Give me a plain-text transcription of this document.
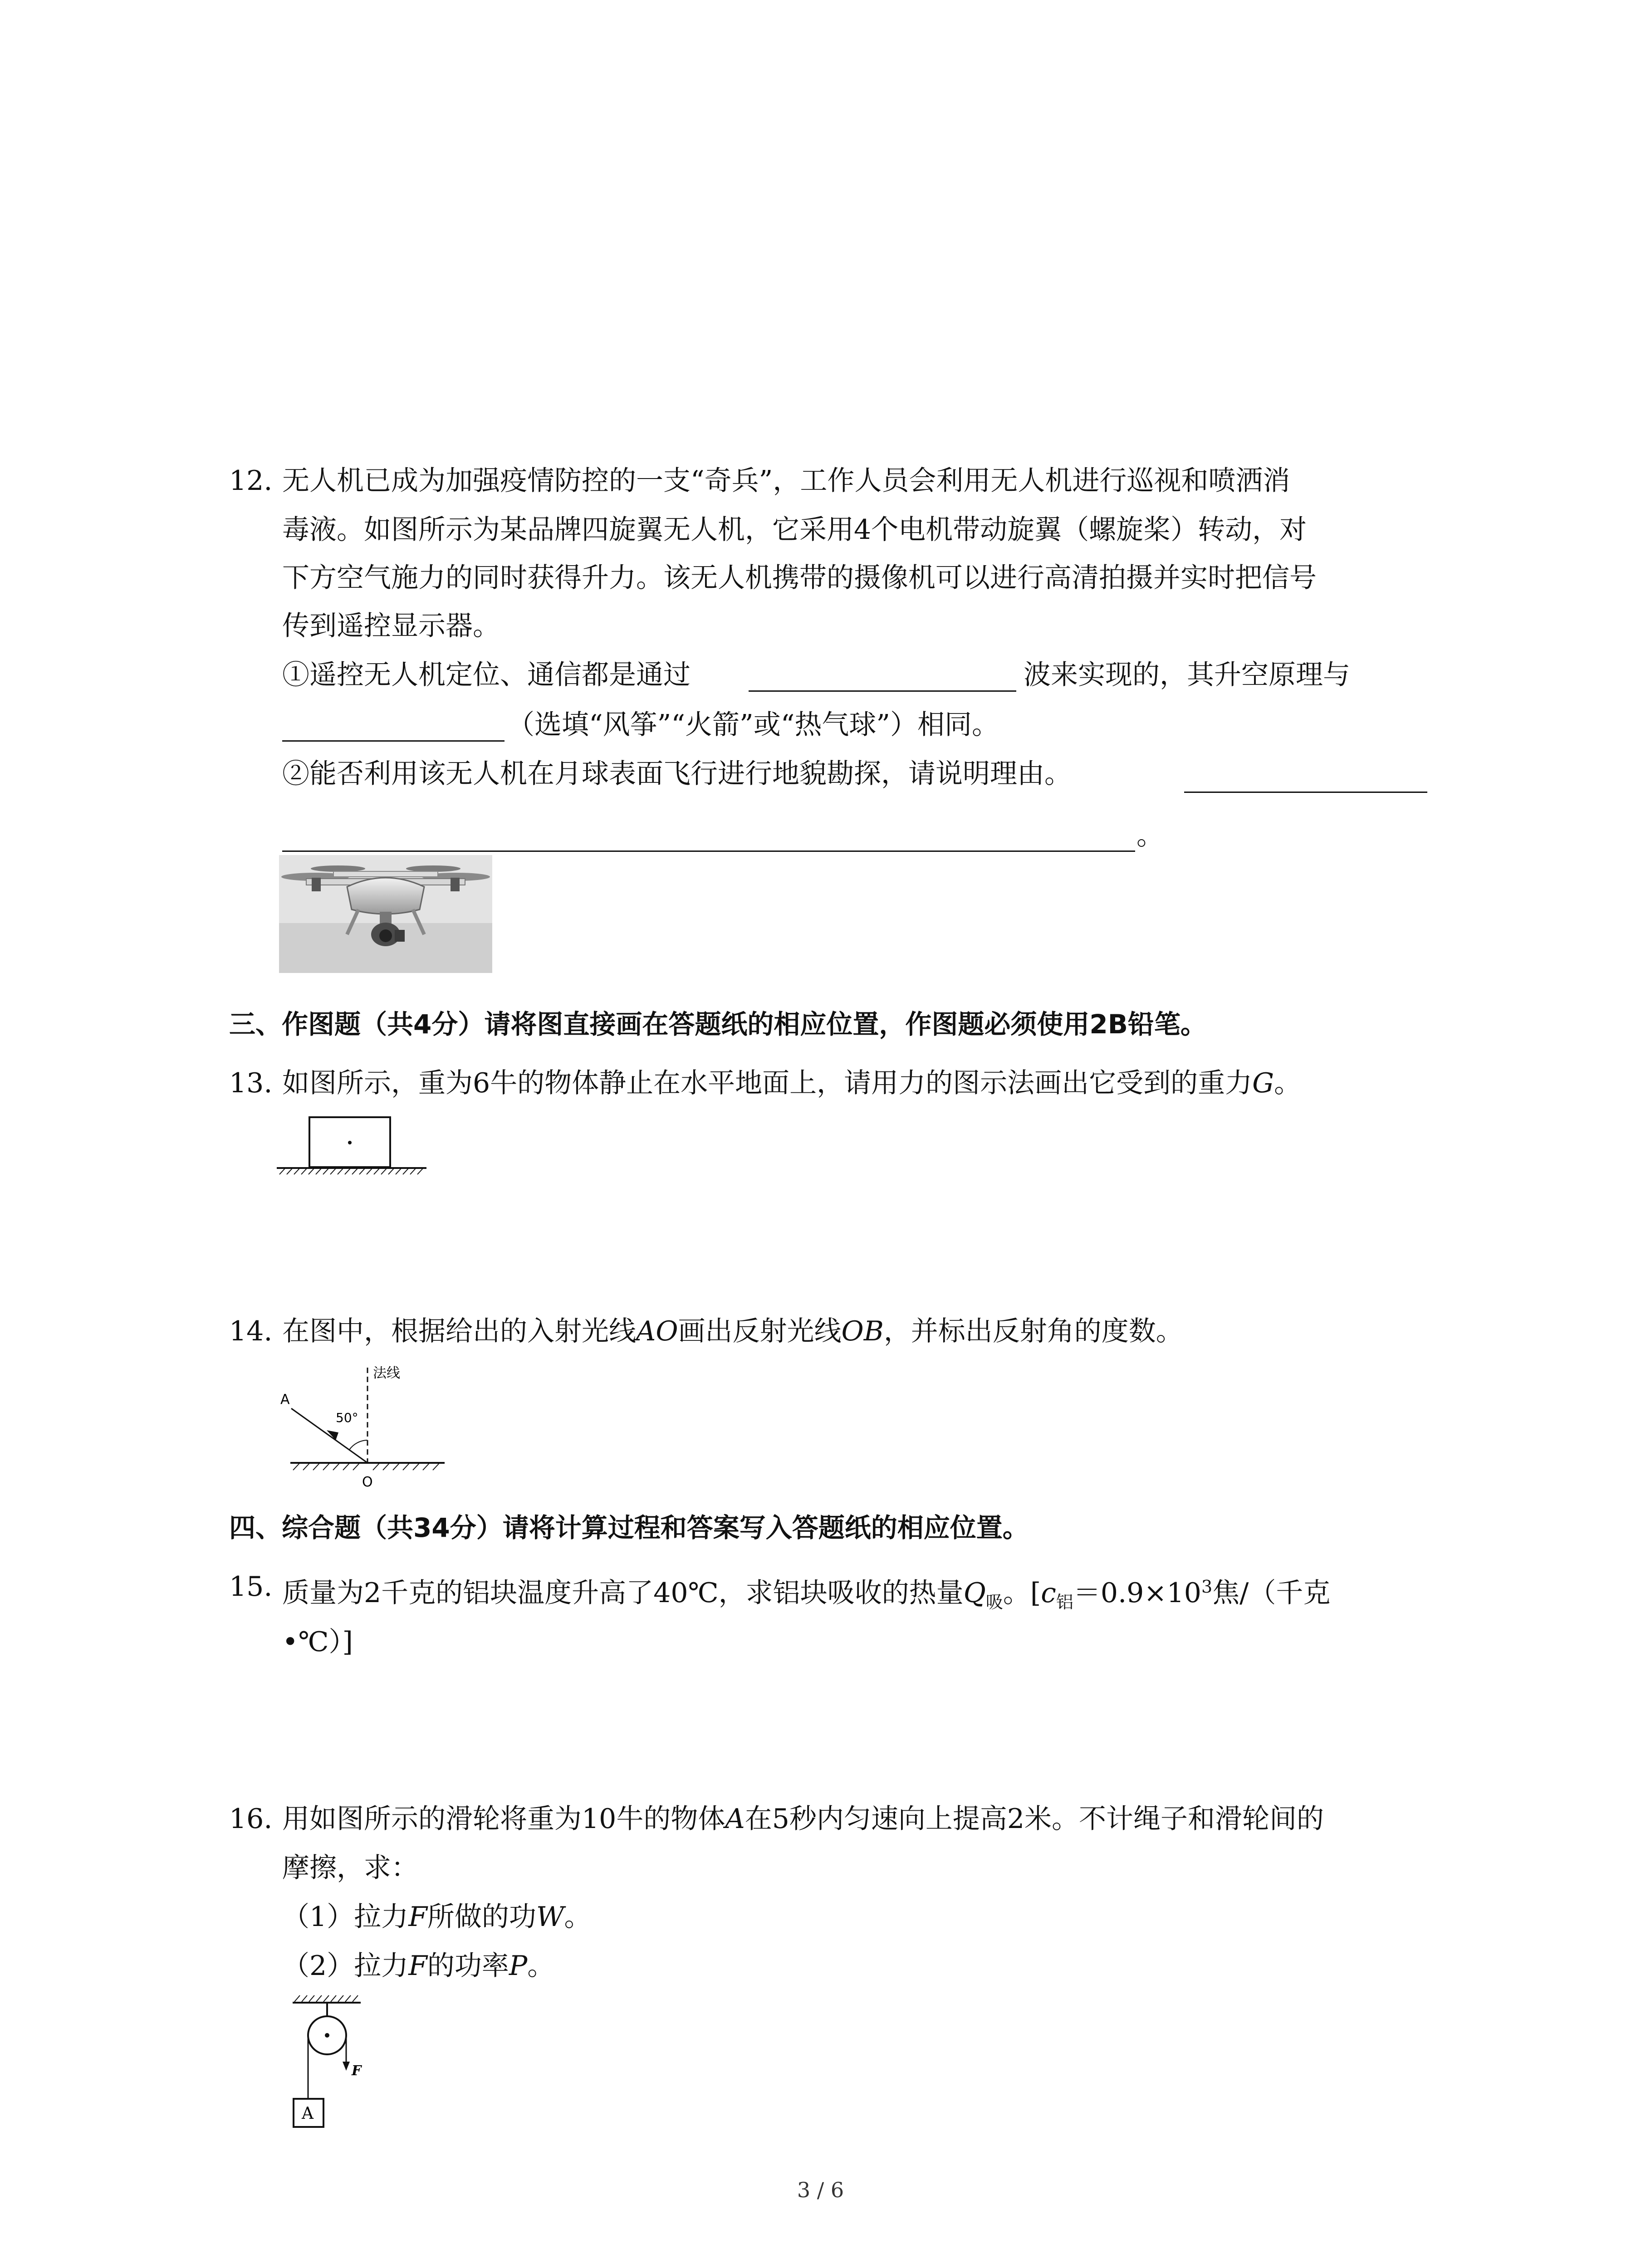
12. 无人机已成为加强疫情防控的一支“奇兵”，工作人员会利用无人机进行巡视和喷洒消
毒液。如图所示为某品牌四旋翼无人机，它采用4个电机带动旋翼（螺旋桨）转动，对
下方空气施力的同时获得升力。该无人机携带的摄像机可以进行高清拍摄并实时把信号
传到遥控显示器。
①遥控无人机定位、通信都是通过	波来实现的，其升空原理与
（选填“风筝”“火箭”或“热气球”）相同。
②能否利用该无人机在月球表面飞行进行地貌勘探，请说明理由。
。
三、作图题（共4分）请将图直接画在答题纸的相应位置，作图题必须使用2B铅笔。
13. 如图所示，重为6牛的物体静止在水平地面上，请用力的图示法画出它受到的重力G。
14. 在图中，根据给出的入射光线AO画出反射光线OB，并标出反射角的度数。
法线
A
50°
O
四、综合题（共34分）请将计算过程和答案写入答题纸的相应位置。
15. 质量为2千克的铝块温度升高了40℃，求铝块吸收的热量$Q_吸$。[$c_铝=0.9\times 10^3$焦/（千克
•℃）]
16. 用如图所示的滑轮将重为10牛的物体A在5秒内匀速向上提高2米。不计绳子和滑轮间的
摩擦，求：
（1）拉力F所做的功W。
（2）拉力F的功率P。
F
A
3 / 6
